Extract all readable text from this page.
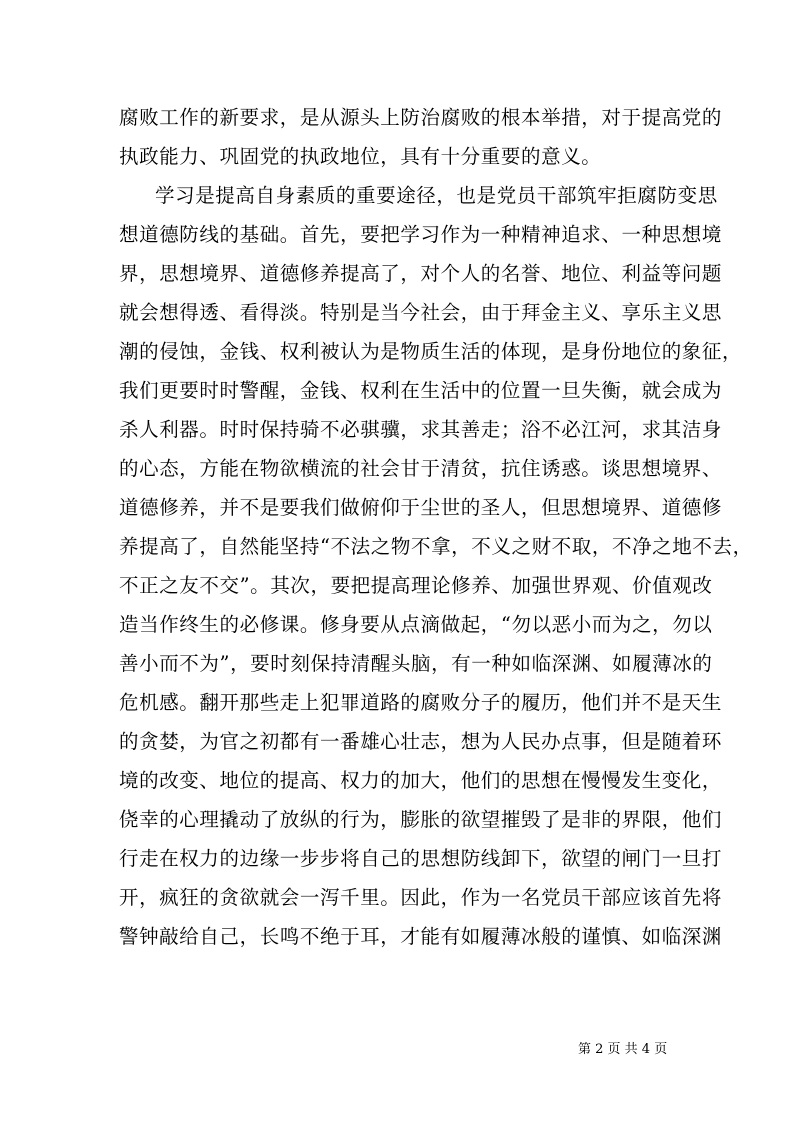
腐败工作的新要求，是从源头上防治腐败的根本举措，对于提高党的
执政能力、巩固党的执政地位，具有十分重要的意义。
学习是提高自身素质的重要途径，也是党员干部筑牢拒腐防变思
想道德防线的基础。首先，要把学习作为一种精神追求、一种思想境
界，思想境界、道德修养提高了，对个人的名誉、地位、利益等问题
就会想得透、看得淡。特别是当今社会，由于拜金主义、享乐主义思
潮的侵蚀，金钱、权利被认为是物质生活的体现，是身份地位的象征，
我们更要时时警醒，金钱、权利在生活中的位置一旦失衡，就会成为
杀人利器。时时保持骑不必骐骥，求其善走；浴不必江河，求其洁身
的心态，方能在物欲横流的社会甘于清贫，抗住诱惑。谈思想境界、
道德修养，并不是要我们做俯仰于尘世的圣人，但思想境界、道德修
养提高了，自然能坚持“不法之物不拿，不义之财不取，不净之地不去，
不正之友不交”。其次，要把提高理论修养、加强世界观、价值观改
造当作终生的必修课。修身要从点滴做起，“勿以恶小而为之，勿以
善小而不为”，要时刻保持清醒头脑，有一种如临深渊、如履薄冰的
危机感。翻开那些走上犯罪道路的腐败分子的履历，他们并不是天生
的贪婪，为官之初都有一番雄心壮志，想为人民办点事，但是随着环
境的改变、地位的提高、权力的加大，他们的思想在慢慢发生变化，
侥幸的心理撬动了放纵的行为，膨胀的欲望摧毁了是非的界限，他们
行走在权力的边缘一步步将自己的思想防线卸下，欲望的闸门一旦打
开，疯狂的贪欲就会一泻千里。因此，作为一名党员干部应该首先将
警钟敲给自己，长鸣不绝于耳，才能有如履薄冰般的谨慎、如临深渊
第 2 页 共 4 页
